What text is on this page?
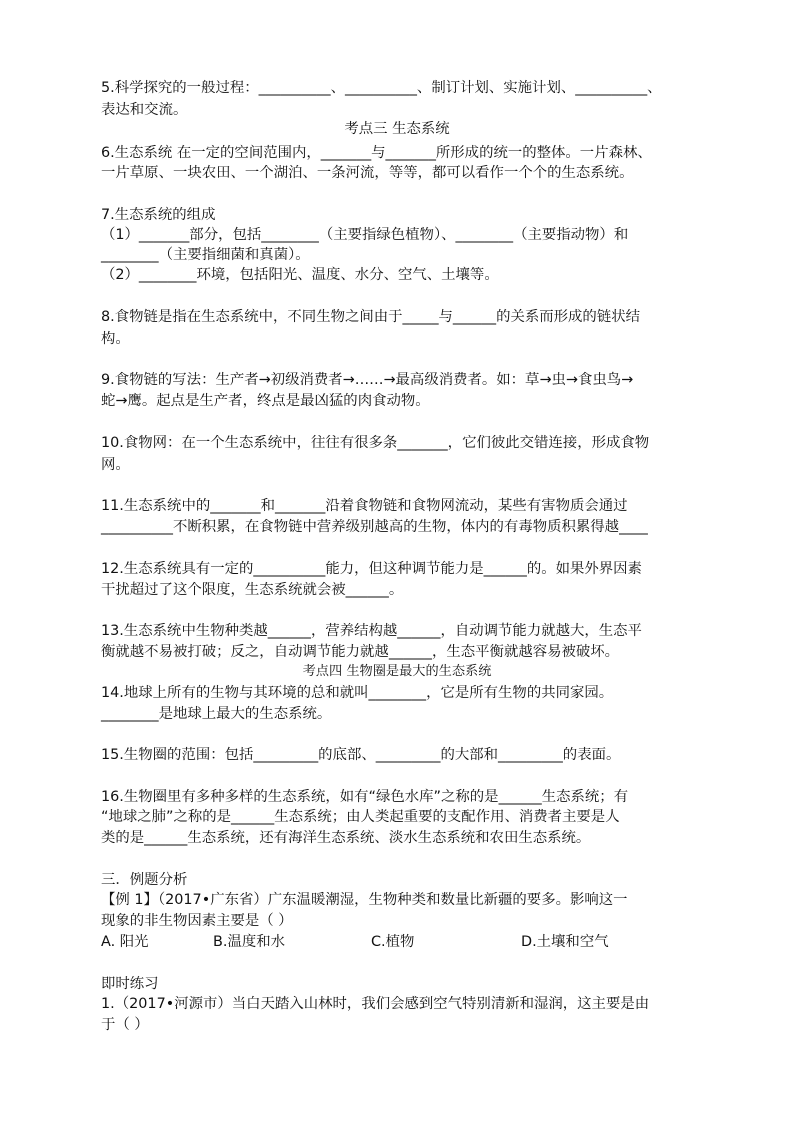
5.科学探究的一般过程：__________、__________、制订计划、实施计划、__________、
表达和交流。
考点三 生态系统
6.生态系统 在一定的空间范围内，_______与_______所形成的统一的整体。一片森林、
一片草原、一块农田、一个湖泊、一条河流，等等，都可以看作一个个的生态系统。
7.生态系统的组成
（1）_______部分，包括________（主要指绿色植物）、________（主要指动物）和
________（主要指细菌和真菌）。
（2）________环境，包括阳光、温度、水分、空气、土壤等。
8.食物链是指在生态系统中，不同生物之间由于_____与______的关系而形成的链状结
构。
9.食物链的写法：生产者→初级消费者→……→最高级消费者。如：草→虫→食虫鸟→
蛇→鹰。起点是生产者，终点是最凶猛的肉食动物。
10.食物网：在一个生态系统中，往往有很多条_______，它们彼此交错连接，形成食物
网。
11.生态系统中的_______和_______沿着食物链和食物网流动，某些有害物质会通过
__________不断积累，在食物链中营养级别越高的生物，体内的有毒物质积累得越____
12.生态系统具有一定的__________能力，但这种调节能力是______的。如果外界因素
干扰超过了这个限度，生态系统就会被______。
13.生态系统中生物种类越______，营养结构越______，自动调节能力就越大，生态平
衡就越不易被打破；反之，自动调节能力就越______，生态平衡就越容易被破坏。
考点四 生物圈是最大的生态系统
14.地球上所有的生物与其环境的总和就叫________，它是所有生物的共同家园。
________是地球上最大的生态系统。
15.生物圈的范围：包括_________的底部、_________的大部和_________的表面。
16.生物圈里有多种多样的生态系统，如有“绿色水库”之称的是______生态系统；有
“地球之肺”之称的是______生态系统；由人类起重要的支配作用、消费者主要是人
类的是______生态系统，还有海洋生态系统、淡水生态系统和农田生态系统。
三．例题分析
【例 1】（2017•广东省）广东温暖潮湿，生物种类和数量比新疆的要多。影响这一
现象的非生物因素主要是（ ）
A. 阳光	B.温度和水	C.植物	D.土壤和空气
即时练习
1.（2017•河源市）当白天踏入山林时，我们会感到空气特别清新和湿润，这主要是由
于（ ）
